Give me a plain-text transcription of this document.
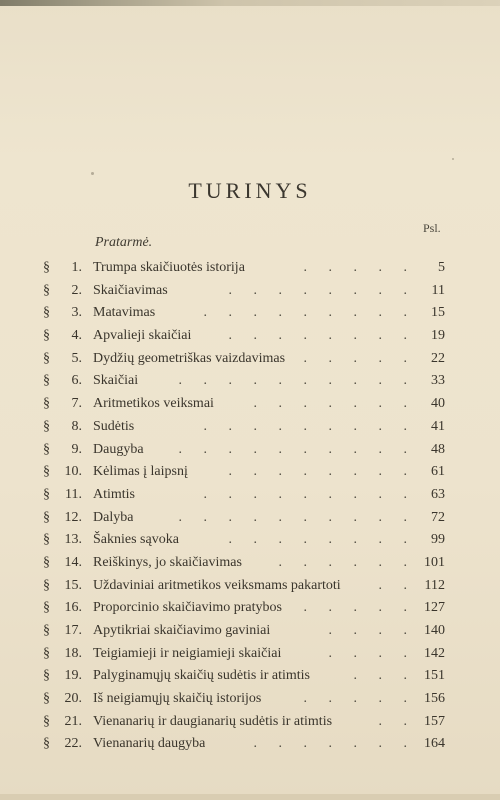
TURINYS
Psl.
Pratarmė.
§	1. Trumpa skaičiuotės istorija	. . . . .	5
§	2. Skaičiavimas	. . . . . . . .	11
§	3. Matavimas	. . . . . . . . .	15
§	4. Apvalieji skaičiai	. . . . . . . .	19
§	5. Dydžių geometriškas vaizdavimas . . . . .	22
§	6. Skaičiai	. . . . . . . . . .	33
§	7. Aritmetikos veiksmai	. . . . . . .	40
§	8. Sudėtis	. . . . . . . . .	41
§	9. Daugyba . . . . . . . . . .	48
§	10. Kėlimas į laipsnį	. . . . . . . .	61
§	11. Atimtis	. . . . . . . . .	63
§	12. Dalyba	. . . . . . . . . .	72
§	13. Šaknies sąvoka	. . . . . . . .	99
§	14. Reiškinys, jo skaičiavimas	. . . . . . 101
§	15. Uždaviniai aritmetikos veiksmams pakartoti	. . 112
§	16. Proporcinio skaičiavimo pratybos . . . . . 127
§	17. Apytikriai skaičiavimo gaviniai	. . . . 140
§	18. Teigiamieji ir neigiamieji skaičiai	. . . . 142
§	19. Palyginamųjų skaičių sudėtis ir atimtis	. . . 151
§	20. Iš neigiamųjų skaičių istorijos	. . . . . 156
§	21. Vienanarių ir daugianarių sudėtis ir atimtis	. . 157
§	22. Vienanarių daugyba	. . . . . . . 164
